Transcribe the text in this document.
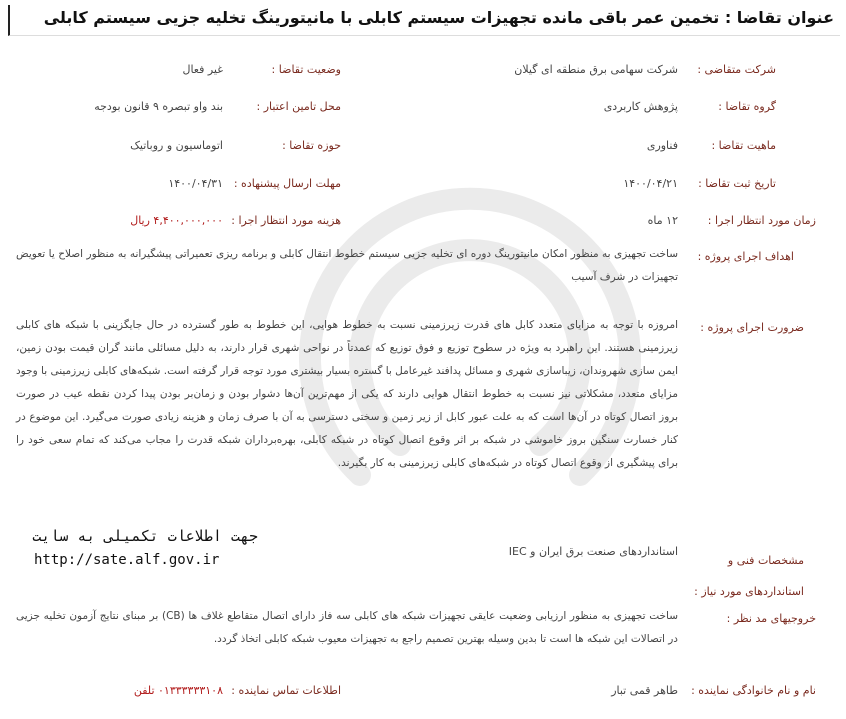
عنوان تقاضا : تخمین عمر باقی مانده تجهیزات سیستم کابلی با مانیتورینگ تخلیه جزیی سیستم کابلی
شرکت متقاضی :
شرکت سهامی برق منطقه ای گیلان
وضعیت تقاضا :
غیر فعال
گروه تقاضا :
پژوهش کاربردی
محل تامین اعتبار :
بند واو تبصره ۹ قانون بودجه
ماهیت تقاضا :
فناوری
حوزه تقاضا :
اتوماسیون و روباتیک
تاریخ ثبت تقاضا :
۱۴۰۰/۰۴/۲۱
مهلت ارسال پیشنهاده :
۱۴۰۰/۰۴/۳۱
زمان مورد انتظار اجرا :
۱۲ ماه
هزینه مورد انتظار اجرا :
۴,۴۰۰,۰۰۰,۰۰۰ ریال
اهداف اجرای پروژه :
ساخت تجهیزی به منظور امکان مانیتورینگ دوره ای تخلیه جزیی سیستم خطوط انتقال کابلی و برنامه ریزی تعمیراتی پیشگیرانه به منظور اصلاح یا تعویض تجهیزات در شرف آسیب
ضرورت اجرای پروژه :
امروزه با توجه به مزایای متعدد کابل های قدرت زیرزمینی نسبت به خطوط هوایی، این خطوط به طور گسترده در حال جایگزینی با شبکه های کابلی زیرزمینی هستند. این راهبرد به ویژه در سطوح توزیع و فوق توزیع که عمدتاً در نواحی شهری قرار دارند، به دلیل مسائلی مانند گران قیمت بودن زمین، ایمن سازی شهروندان، زیباسازی شهری و مسائل پدافند غیرعامل با گستره بسیار بیشتری مورد توجه قرار گرفته است. شبکه‌های کابلی زیرزمینی با وجود مزایای متعدد، مشکلاتی نیز نسبت به خطوط انتقال هوایی دارند که یکی از مهم‌ترین آن‌ها دشوار بودن و زمان‌بر بودن پیدا کردن نقطه عیب در صورت بروز اتصال کوتاه در آن‌ها است که به علت عبور کابل از زیر زمین و سختی دسترسی به آن با صرف زمان و هزینه زیادی صورت می‌گیرد. این موضوع در کنار خسارت سنگین بروز خاموشی در شبکه بر اثر وقوع اتصال کوتاه در شبکه کابلی، بهره‌برداران شبکه قدرت را مجاب می‌کند که تمام سعی خود را برای پیشگیری از وقوع اتصال کوتاه در شبکه‌های کابلی زیرزمینی به کار بگیرند.
مشخصات فنی و استانداردهای مورد نیاز :
استانداردهای صنعت برق ایران و IEC
خروجیهای مد نظر :
ساخت تجهیزی به منظور ارزیابی وضعیت عایقی تجهیزات شبکه های کابلی سه فاز دارای اتصال متقاطع غلاف ها (CB) بر مبنای نتایج آزمون تخلیه جزیی در اتصالات این شبکه ها است تا بدین وسیله بهترین تصمیم راجع به تجهیزات معیوب شبکه کابلی اتخاذ گردد.
نام و نام خانوادگی نماینده :
طاهر قمی تبار
اطلاعات تماس نماینده :
۰۱۳۳۳۳۳۳۱۰۸ تلفن
جهت اطلاعات تکمیلی به سایت
http://sate.alf.gov.ir
